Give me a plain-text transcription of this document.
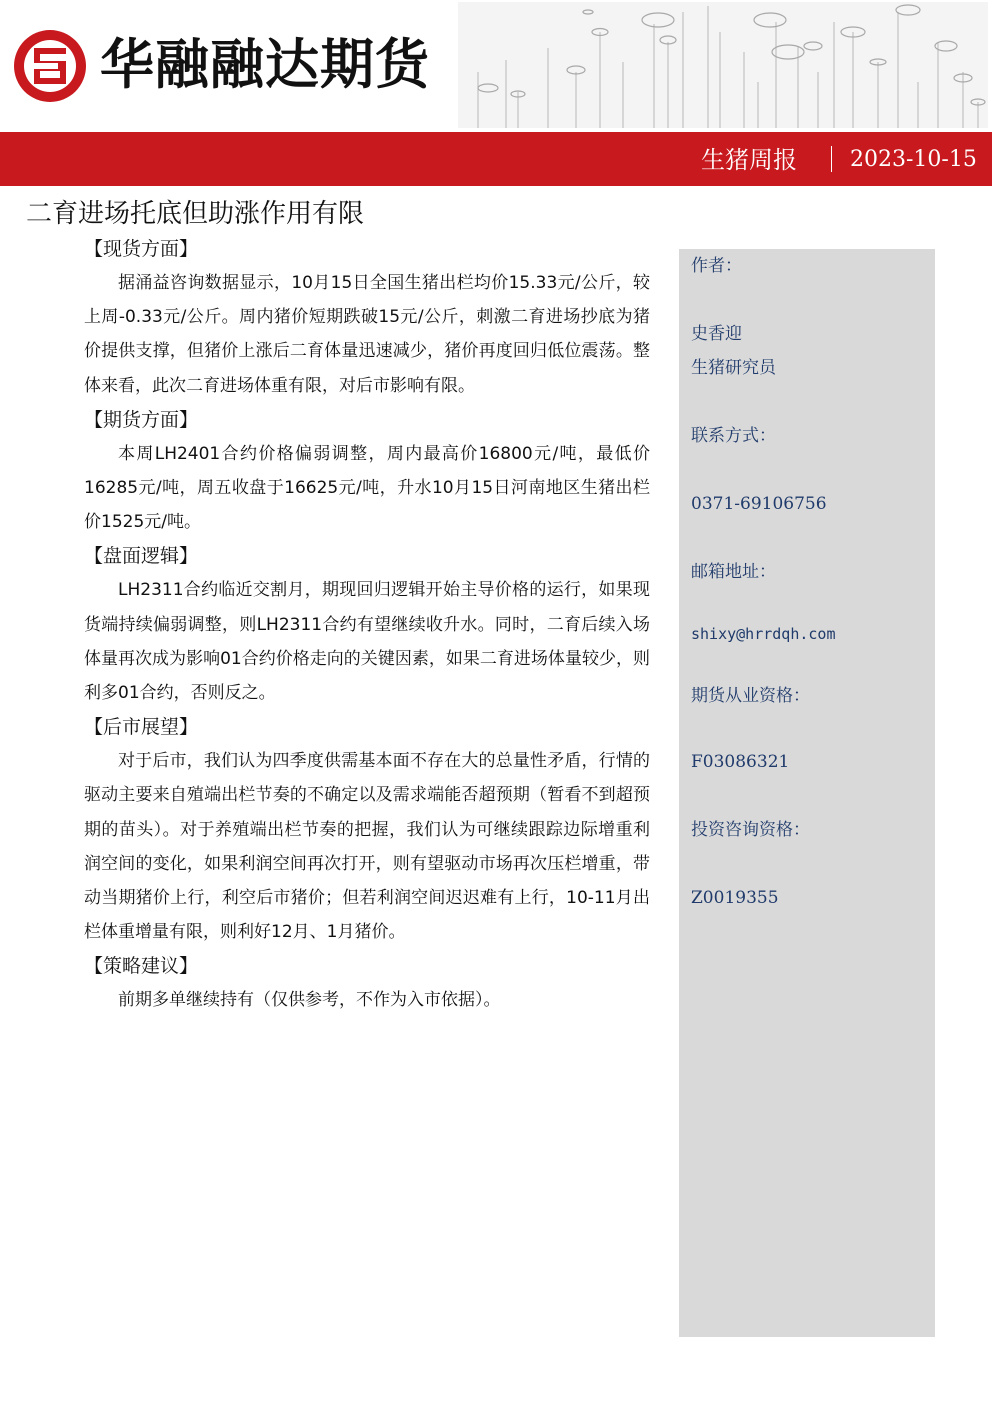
华融融达期货
生猪周报 2023-10-15
二育进场托底但助涨作用有限
【现货方面】

据涌益咨询数据显示，10月15日全国生猪出栏均价15.33元/公斤，较上周-0.33元/公斤。周内猪价短期跌破15元/公斤，刺激二育进场抄底为猪价提供支撑，但猪价上涨后二育体量迅速减少，猪价再度回归低位震荡。整体来看，此次二育进场体重有限，对后市影响有限。

【期货方面】

本周LH2401合约价格偏弱调整，周内最高价16800元/吨，最低价16285元/吨，周五收盘于16625元/吨，升水10月15日河南地区生猪出栏价1525元/吨。

【盘面逻辑】

LH2311合约临近交割月，期现回归逻辑开始主导价格的运行，如果现货端持续偏弱调整，则LH2311合约有望继续收升水。同时，二育后续入场体量再次成为影响01合约价格走向的关键因素，如果二育进场体量较少，则利多01合约，否则反之。

【后市展望】

对于后市，我们认为四季度供需基本面不存在大的总量性矛盾，行情的驱动主要来自殖端出栏节奏的不确定以及需求端能否超预期（暂看不到超预期的苗头）。对于养殖端出栏节奏的把握，我们认为可继续跟踪边际增重利润空间的变化，如果利润空间再次打开，则有望驱动市场再次压栏增重，带动当期猪价上行，利空后市猪价；但若利润空间迟迟难有上行，10-11月出栏体重增量有限，则利好12月、1月猪价。

【策略建议】

前期多单继续持有（仅供参考，不作为入市依据）。

作者：
史香迎
生猪研究员
联系方式：
0371-69106756
邮箱地址：
shixy@hrrdqh.com
期货从业资格：
F03086321
投资咨询资格：
Z0019355
